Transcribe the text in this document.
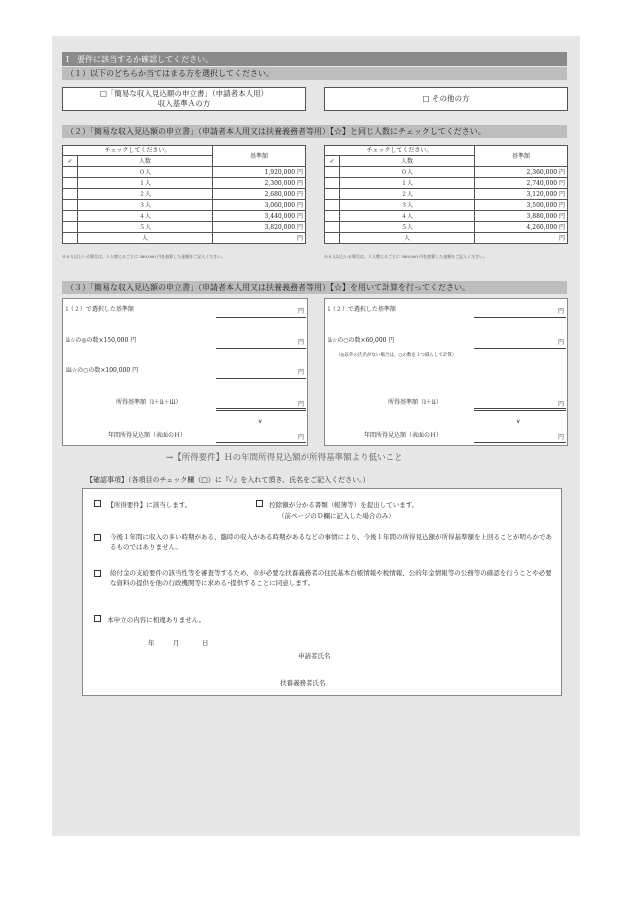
Ⅰ　要件に該当するか確認してください。
（１）以下のどちらか当てはまる方を選択してください。
□「簡易な収入見込額の申立書」（申請者本人用）
収入基準Ａの方
□ その他の方
（２）「簡易な収入見込額の申立書」（申請者本人用又は扶養義務者等用）【☆】と同じ人数にチェックしてください。
チェックしてください。		基準額
✓	人数	
	０人	1,920,000 円
	１人	2,300,000 円
	２人	2,680,000 円
	３人	3,060,000 円
	４人	3,440,000 円
	５人	3,820,000 円
	人	円
※６人以上いる場合は、１人増えるごとに 380,000 円を加算した金額をご記入ください。
チェックしてください。		基準額
✓	人数	
	０人	2,360,000 円
	１人	2,740,000 円
	２人	3,120,000 円
	３人	3,500,000 円
	４人	3,880,000 円
	５人	4,260,000 円
	人	円
※６人以上いる場合は、１人増えるごとに 380,000 円を加算した金額をご記入ください。
（３）「簡易な収入見込額の申立書」（申請者本人用又は扶養義務者等用）【☆】を用いて計算を行ってください。
ⅰ（２）で選択した基準額	円
ⅱ☆の◎の数×150,000 円	円
ⅲ☆の○の数×100,000 円	円
所得基準額（ⅰ＋ⅱ＋ⅲ）	円
∨
年間所得見込額（表面のＨ）	円
ⅰ（２）で選択した基準額	円
ⅱ☆の○の数×60,000 円	円
（◎以外の氏名がない場合は，○の数を１つ減らして計算）
所得基準額（ⅰ＋ⅱ）	円
∨
年間所得見込額（表面のＨ）	円
→【所得要件】Ｈの年間所得見込額が所得基準額より低いこと
【確認事項】（各項目のチェック欄（□）に『✓』を入れて頂き、氏名をご記入ください。）
【所得要件】に該当します。	控除額が分かる書類（帳簿等）を提出しています。
（前ページのＤ欄に記入した場合のみ）
今後１年間に収入の多い時期がある、臨時の収入がある時期があるなどの事情により、今後１年間の所得見込額が所得基準額を上回ることが明らかであるものではありません。
給付金の支給要件の該当性等を審査等するため、市が必要な扶養義務者の住民基本台帳情報や税情報、公的年金情報等の公務等の確認を行うことや必要な資料の提供を他の行政機関等に求める･提供することに同意します。
本申立の内容に相違ありません。
年	月	日
申請者氏名
扶養義務者氏名
